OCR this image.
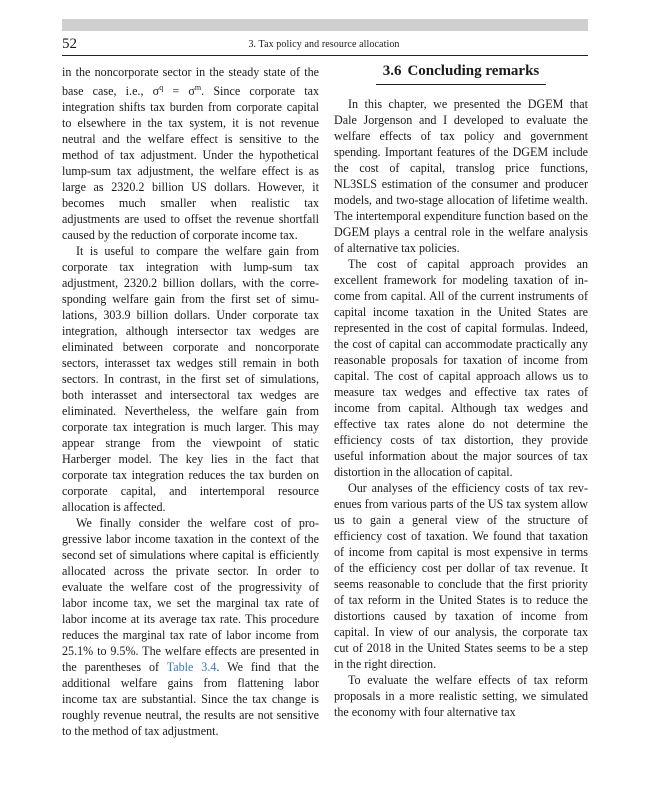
52	3. Tax policy and resource allocation

in the noncorporate sector in the steady state of the base case, i.e., $\sigma^q = \sigma^m$. Since corporate tax integration shifts tax burden from corporate capital to elsewhere in the tax system, it is not revenue neutral and the welfare effect is sensitive to the method of tax adjustment. Under the hypothetical lump-sum tax adjustment, the welfare effect is as large as 2320.2 billion US dollars. However, it becomes much smaller when realistic tax adjustments are used to offset the revenue shortfall caused by the reduction of corporate income tax.

It is useful to compare the welfare gain from corporate tax integration with lump-sum tax adjustment, 2320.2 billion dollars, with the corresponding welfare gain from the first set of simulations, 303.9 billion dollars. Under corporate tax integration, although intersector tax wedges are eliminated between corporate and noncorporate sectors, interasset tax wedges still remain in both sectors. In contrast, in the first set of simulations, both interasset and intersectoral tax wedges are eliminated. Nevertheless, the welfare gain from corporate tax integration is much larger. This may appear strange from the viewpoint of static Harberger model. The key lies in the fact that corporate tax integration reduces the tax burden on corporate capital, and intertemporal resource allocation is affected.

We finally consider the welfare cost of progressive labor income taxation in the context of the second set of simulations where capital is efficiently allocated across the private sector. In order to evaluate the welfare cost of the progressivity of labor income tax, we set the marginal tax rate of labor income at its average tax rate. This procedure reduces the marginal tax rate of labor income from 25.1% to 9.5%. The welfare effects are presented in the parentheses of Table 3.4. We find that the additional welfare gains from flattening labor income tax are substantial. Since the tax change is roughly revenue neutral, the results are not sensitive to the method of tax adjustment.

3.6 Concluding remarks

In this chapter, we presented the DGEM that Dale Jorgenson and I developed to evaluate the welfare effects of tax policy and government spending. Important features of the DGEM include the cost of capital, translog price functions, NL3SLS estimation of the consumer and producer models, and two-stage allocation of lifetime wealth. The intertemporal expenditure function based on the DGEM plays a central role in the welfare analysis of alternative tax policies.

The cost of capital approach provides an excellent framework for modeling taxation of income from capital. All of the current instruments of capital income taxation in the United States are represented in the cost of capital formulas. Indeed, the cost of capital can accommodate practically any reasonable proposals for taxation of income from capital. The cost of capital approach allows us to measure tax wedges and effective tax rates of income from capital. Although tax wedges and effective tax rates alone do not determine the efficiency costs of tax distortion, they provide useful information about the major sources of tax distortion in the allocation of capital.

Our analyses of the efficiency costs of tax revenues from various parts of the US tax system allow us to gain a general view of the structure of efficiency cost of taxation. We found that taxation of income from capital is most expensive in terms of the efficiency cost per dollar of tax revenue. It seems reasonable to conclude that the first priority of tax reform in the United States is to reduce the distortions caused by taxation of income from capital. In view of our analysis, the corporate tax cut of 2018 in the United States seems to be a step in the right direction.

To evaluate the welfare effects of tax reform proposals in a more realistic setting, we simulated the economy with four alternative tax
